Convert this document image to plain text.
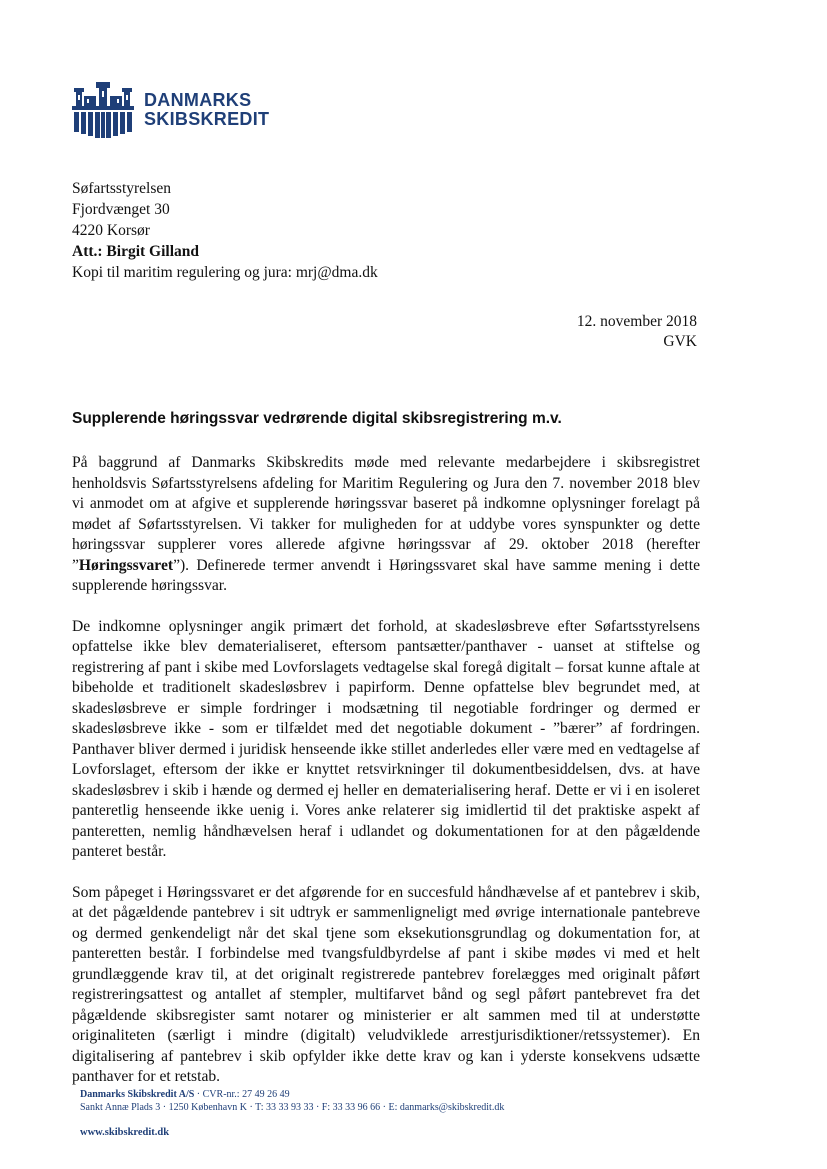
DANMARKS
SKIBSKREDIT
Søfartsstyrelsen
Fjordvænget 30
4220 Korsør
Att.: Birgit Gilland
Kopi til maritim regulering og jura: mrj@dma.dk
12. november 2018
GVK
Supplerende høringssvar vedrørende digital skibsregistrering m.v.

På baggrund af Danmarks Skibskredits møde med relevante medarbejdere i skibsregistret henholdsvis Søfartsstyrelsens afdeling for Maritim Regulering og Jura den 7. november 2018 blev vi anmodet om at afgive et supplerende høringssvar baseret på indkomne oplysninger forelagt på mødet af Søfartsstyrelsen. Vi takker for muligheden for at uddybe vores synspunkter og dette høringssvar supplerer vores allerede afgivne høringssvar af 29. oktober 2018 (herefter ”Høringssvaret”). Definerede termer anvendt i Høringssvaret skal have samme mening i dette supplerende høringssvar.

De indkomne oplysninger angik primært det forhold, at skadesløsbreve efter Søfartsstyrelsens opfattelse ikke blev dematerialiseret, eftersom pantsætter/panthaver - uanset at stiftelse og registrering af pant i skibe med Lovforslagets vedtagelse skal foregå digitalt – forsat kunne aftale at bibeholde et traditionelt skadesløsbrev i papirform. Denne opfattelse blev begrundet med, at skadesløsbreve er simple fordringer i modsætning til negotiable fordringer og dermed er skadesløsbreve ikke - som er tilfældet med det negotiable dokument - ”bærer” af fordringen. Panthaver bliver dermed i juridisk henseende ikke stillet anderledes eller være med en vedtagelse af Lovforslaget, eftersom der ikke er knyttet retsvirkninger til dokumentbesiddelsen, dvs. at have skadesløsbrev i skib i hænde og dermed ej heller en dematerialisering heraf. Dette er vi i en isoleret panteretlig henseende ikke uenig i. Vores anke relaterer sig imidlertid til det praktiske aspekt af panteretten, nemlig håndhævelsen heraf i udlandet og dokumentationen for at den pågældende panteret består.

Som påpeget i Høringssvaret er det afgørende for en succesfuld håndhævelse af et pantebrev i skib, at det pågældende pantebrev i sit udtryk er sammenligneligt med øvrige internationale pantebreve og dermed genkendeligt når det skal tjene som eksekutionsgrundlag og dokumentation for, at panteretten består. I forbindelse med tvangsfuldbyrdelse af pant i skibe mødes vi med et helt grundlæggende krav til, at det originalt registrerede pantebrev forelægges med originalt påført registreringsattest og antallet af stempler, multifarvet bånd og segl påført pantebrevet fra det pågældende skibsregister samt notarer og ministerier er alt sammen med til at understøtte originaliteten (særligt i mindre (digitalt) veludviklede arrestjurisdiktioner/retssystemer). En digitalisering af pantebrev i skib opfylder ikke dette krav og kan i yderste konsekvens udsætte panthaver for et retstab.

Danmarks Skibskredit A/S · CVR-nr.: 27 49 26 49
Sankt Annæ Plads 3 · 1250 København K · T: 33 33 93 33 · F: 33 33 96 66 · E: danmarks@skibskredit.dk
www.skibskredit.dk
